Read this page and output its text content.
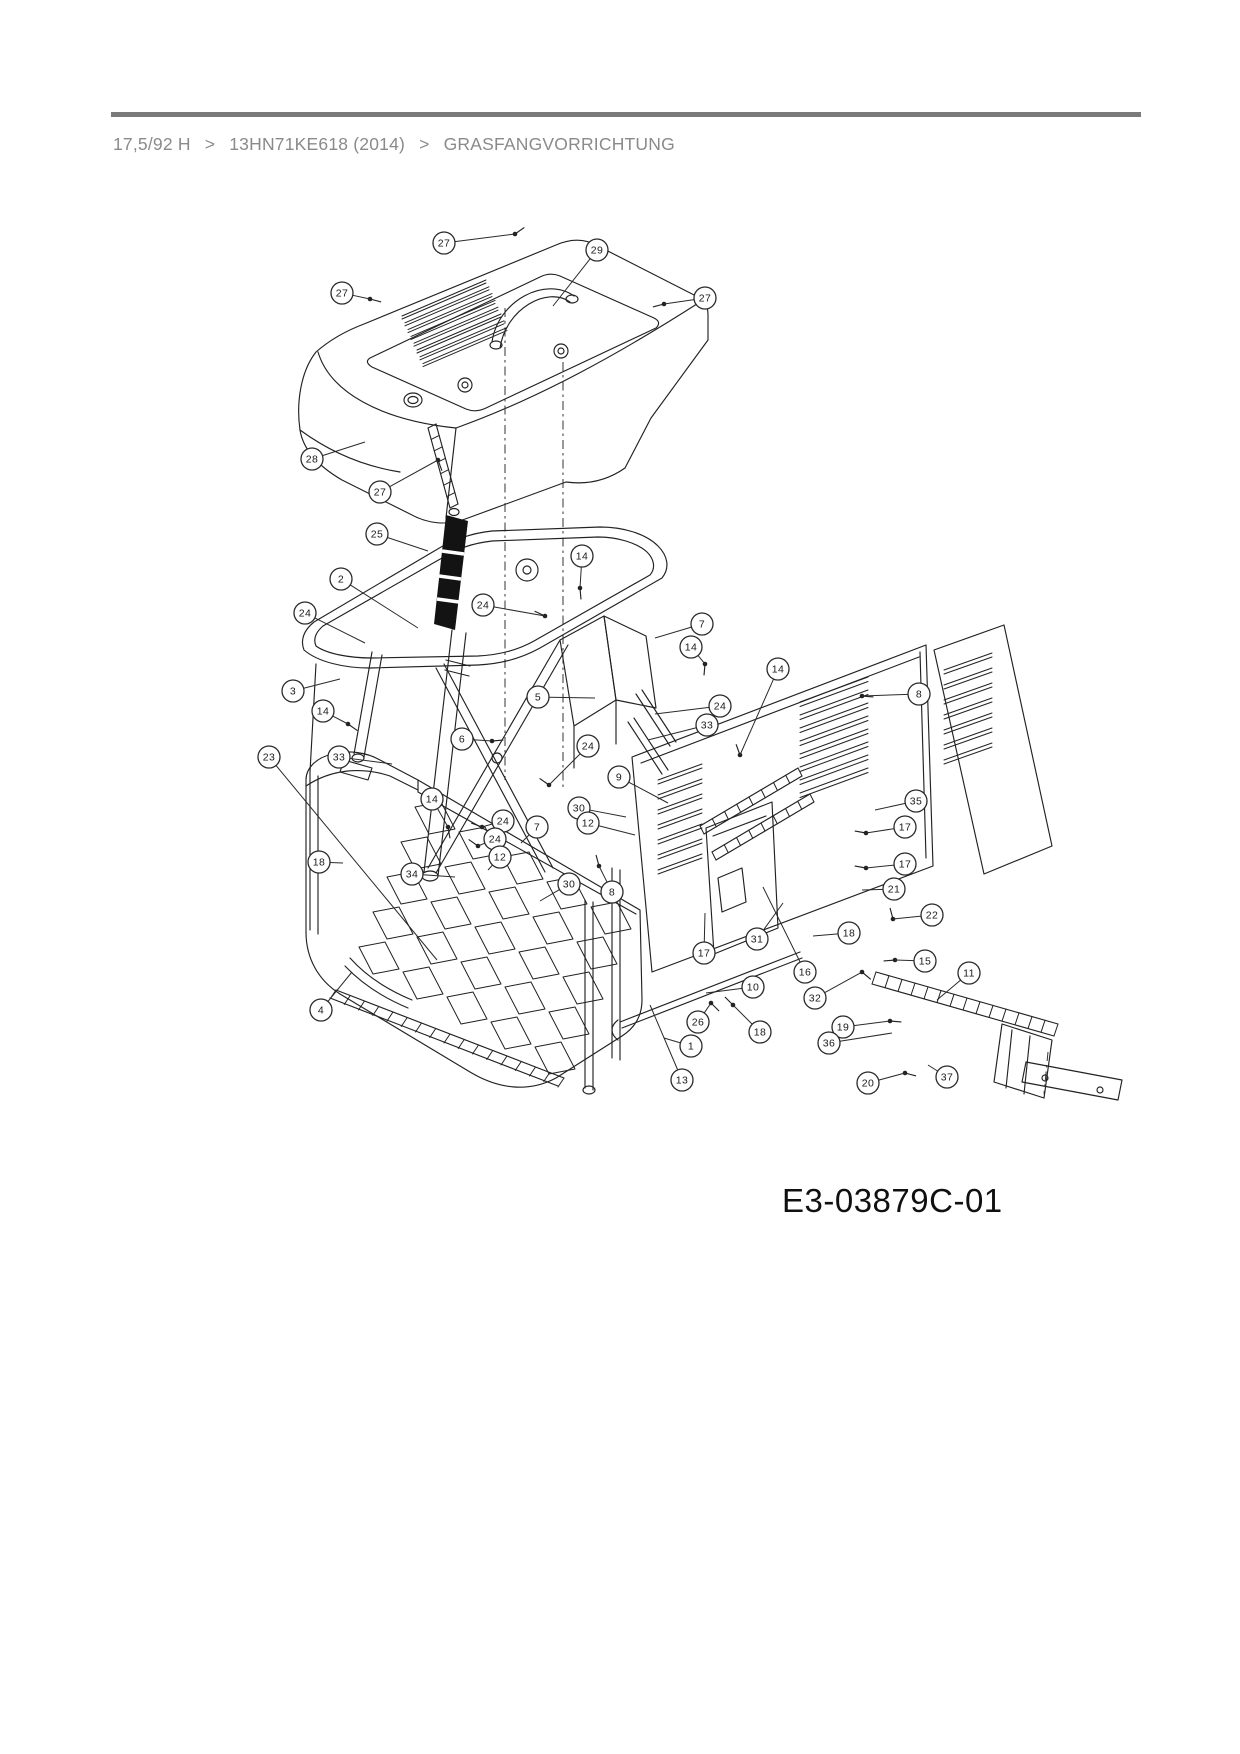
17,5/92 H > 13HN71KE618 (2014) > GRASFANGVORRICHTUNG
27
29
27	27
28
27
25
2
24
3
14
14
24
5
7
14
14
8
24
33
23	33
6
24
9
14
24 7
30
12
24
12
18
34
30
8
35
17
17
21
22
18
15
11
31
17
16
10
32
26
18
1
13
19
36
20	37
4
E3-03879C-01
